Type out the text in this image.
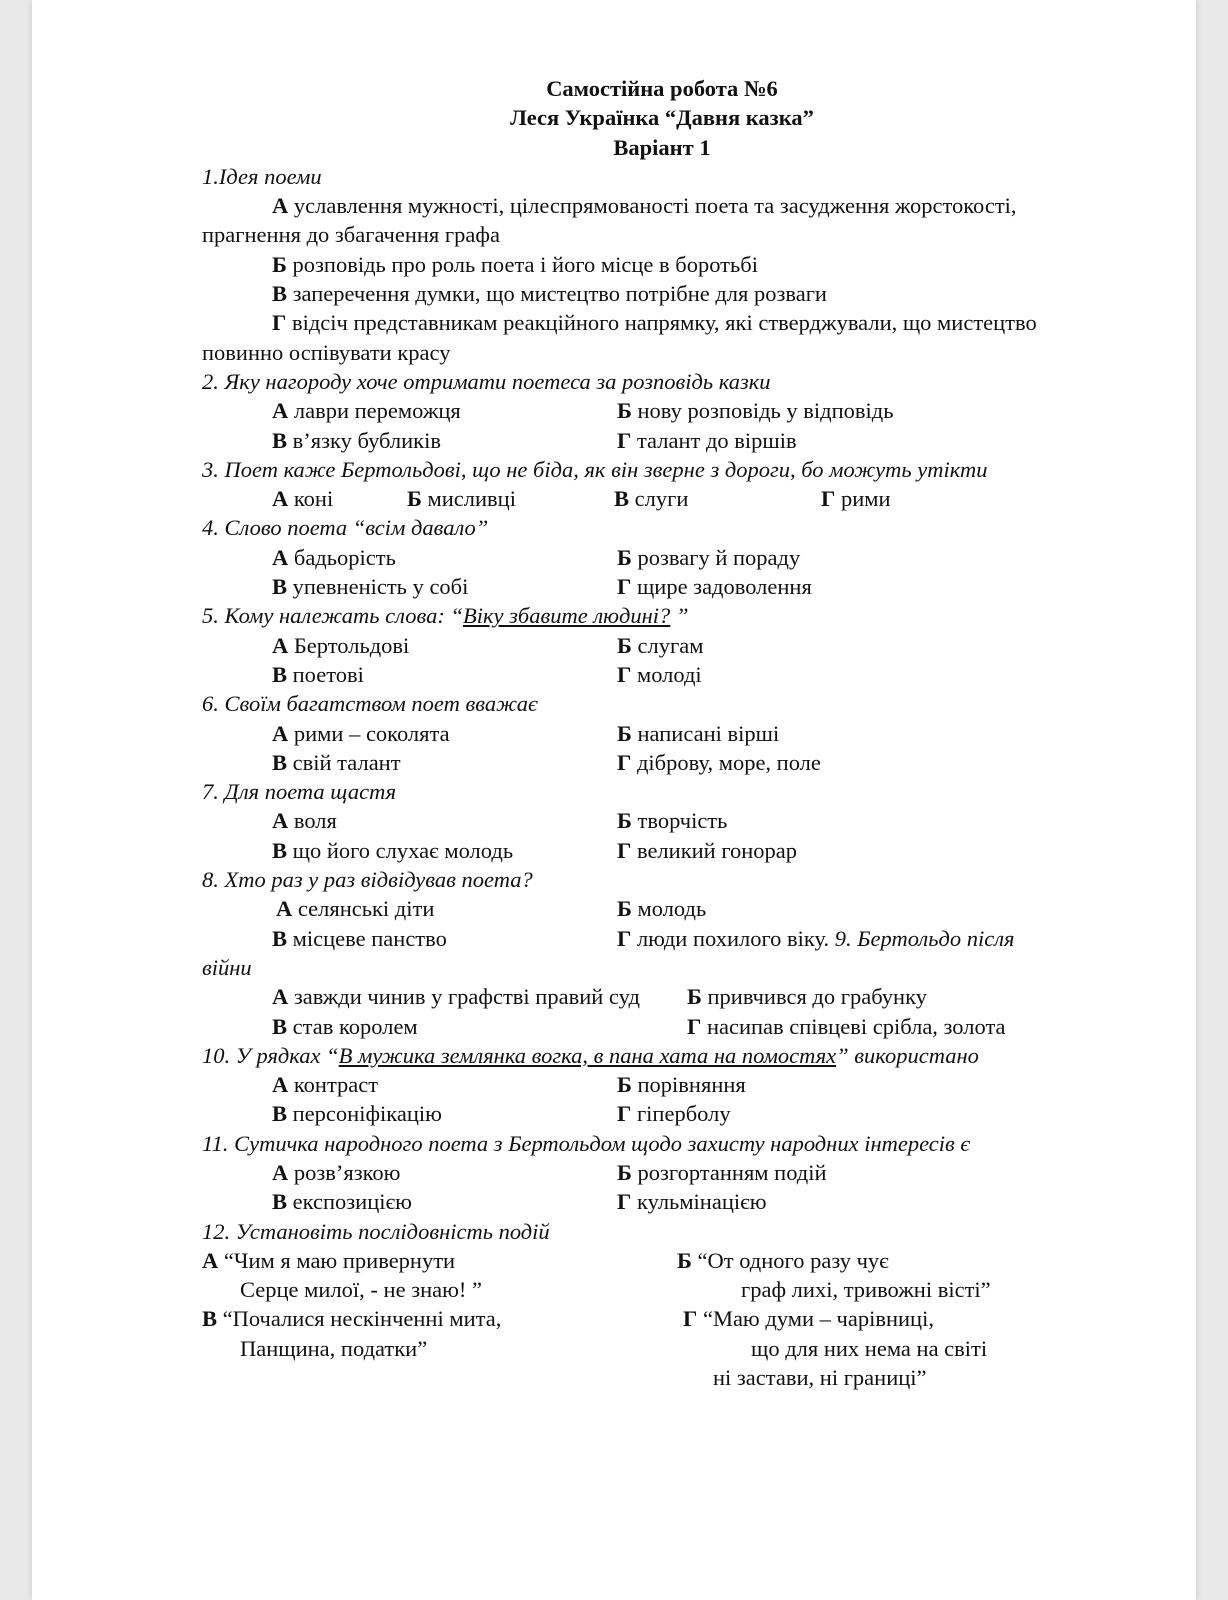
Самостійна робота №6
Леся Українка “Давня казка”
Варіант 1
1.Ідея поеми
А уславлення мужності, цілеспрямованості поета та засудження жорстокості,
прагнення до збагачення графа
Б розповідь про роль поета і його місце в боротьбі
В заперечення думки, що мистецтво потрібне для розваги
Г відсіч представникам реакційного напрямку, які стверджували, що мистецтво
повинно оспівувати красу
2. Яку нагороду хоче отримати поетеса за розповідь казки
А лаври переможця	Б нову розповідь у відповідь
В в’язку бубликів	Г талант до віршів
3. Поет каже Бертольдові, що не біда, як він зверне з дороги, бо можуть утікти
А коні	Б мисливці	В слуги	Г рими
4. Слово поета “всім давало”
А бадьорість	Б розвагу й пораду
В упевненість у собі	Г щире задоволення
5. Кому належать слова: “Віку збавите людині? ”
А Бертольдові	Б слугам
В поетові	Г молоді
6. Своїм багатством поет вважає
А рими – соколята	Б написані вірші
В свій талант	Г діброву, море, поле
7. Для поета щастя
А воля	Б творчість
В що його слухає молодь	Г великий гонорар
8. Хто раз у раз відвідував поета?
А селянські діти	Б молодь
В місцеве панство	Г люди похилого віку. 9. Бертольдо після
війни
А завжди чинив у графстві правий суд	Б привчився до грабунку
В став королем	Г насипав співцеві срібла, золота
10. У рядках “В мужика землянка вогка, в пана хата на помостях” використано
А контраст	Б порівняння
В персоніфікацію	Г гіперболу
11. Сутичка народного поета з Бертольдом щодо захисту народних інтересів є
А розв’язкою	Б розгортанням подій
В експозицією	Г кульмінацією
12. Установіть послідовність подій
А “Чим я маю привернути	Б “От одного разу чує
Серце милої, - не знаю! ”	граф лихі, тривожні вісті”
В “Почалися нескінченні мита,	Г “Маю думи – чарівниці,
Панщина, податки”	що для них нема на світі
ні застави, ні границі”
